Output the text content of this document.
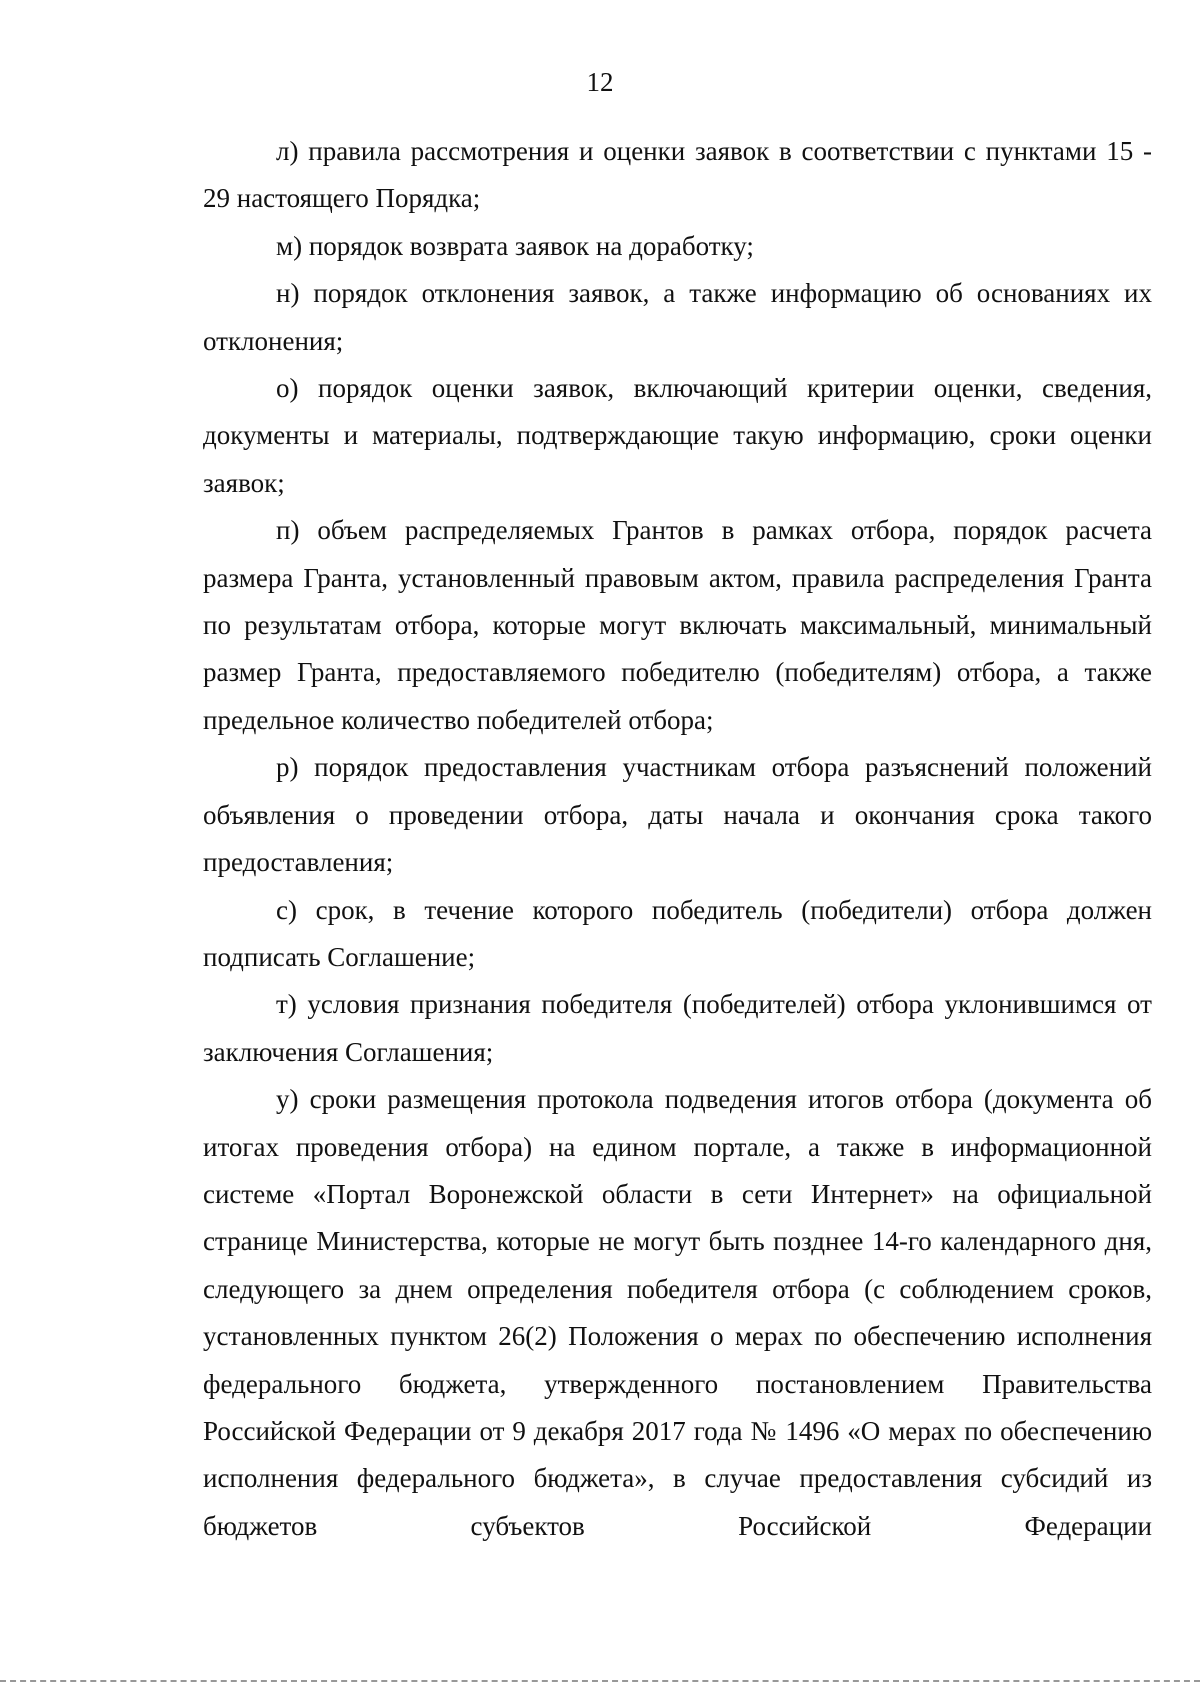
12

л) правила рассмотрения и оценки заявок в соответствии с пунктами 15 - 29 настоящего Порядка;

м) порядок возврата заявок на доработку;

н) порядок отклонения заявок, а также информацию об основаниях их отклонения;

о) порядок оценки заявок, включающий критерии оценки, сведения, документы и материалы, подтверждающие такую информацию, сроки оценки заявок;

п) объем распределяемых Грантов в рамках отбора, порядок расчета размера Гранта, установленный правовым актом, правила распределения Гранта по результатам отбора, которые могут включать максимальный, минимальный размер Гранта, предоставляемого победителю (победителям) отбора, а также предельное количество победителей отбора;

р) порядок предоставления участникам отбора разъяснений положений объявления о проведении отбора, даты начала и окончания срока такого предоставления;

с) срок, в течение которого победитель (победители) отбора должен подписать Соглашение;

т) условия признания победителя (победителей) отбора уклонившимся от заключения Соглашения;

у) сроки размещения протокола подведения итогов отбора (документа об итогах проведения отбора) на едином портале, а также в информационной системе «Портал Воронежской области в сети Интернет» на официальной странице Министерства, которые не могут быть позднее 14-го календарного дня, следующего за днем определения победителя отбора (с соблюдением сроков, установленных пунктом 26(2) Положения о мерах по обеспечению исполнения федерального бюджета, утвержденного постановлением Правительства Российской Федерации от 9 декабря 2017 года № 1496 «О мерах по обеспечению исполнения федерального бюджета», в случае предоставления субсидий из бюджетов субъектов Российской Федерации
